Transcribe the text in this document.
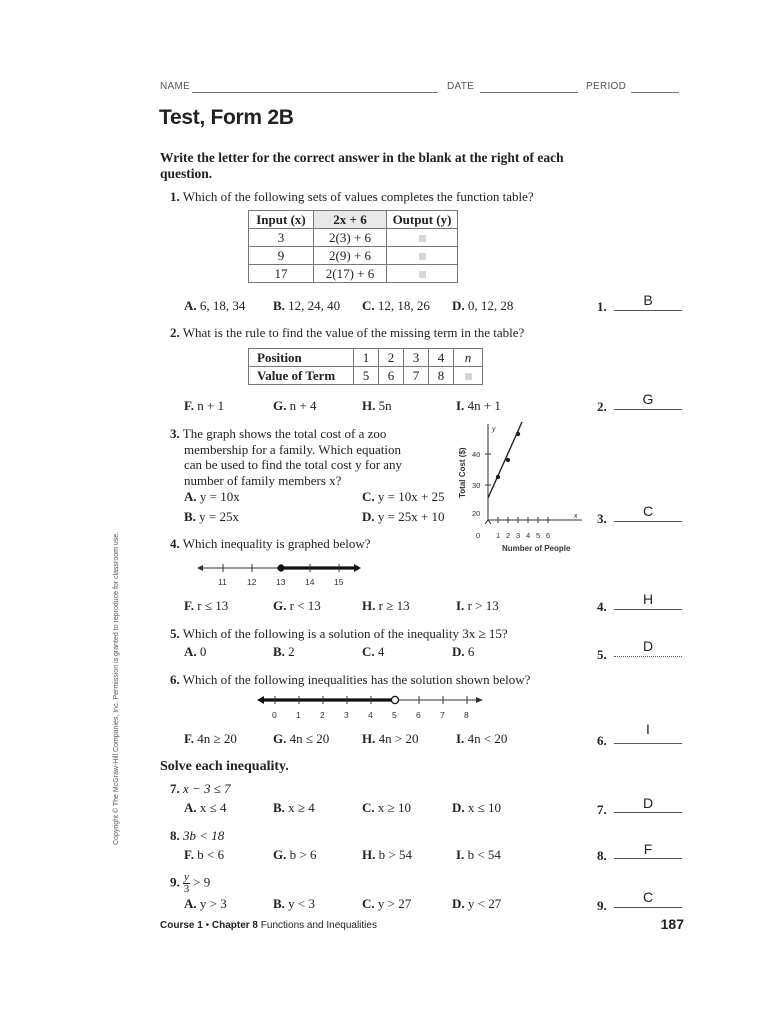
NAME	DATE	PERIOD
Test, Form 2B
Write the letter for the correct answer in the blank at the right of each question.
Copyright © The McGraw-Hill Companies, Inc. Permission is granted to reproduce for classroom use.
1. Which of the following sets of values completes the function table?
Input (x)	2x + 6	Output (y)
3	2(3) + 6	
9	2(9) + 6	
17	2(17) + 6	
A. 6, 18, 34 B. 12, 24, 40 C. 12, 18, 26 D. 0, 12, 28	1.	B
2. What is the rule to find the value of the missing term in the table?
Position	1	2	3	4	n
Value of Term	5	6	7	8	
F. n + 1	G. n + 4	H. 5n	I. 4n + 1	2.	G
3. The graph shows the total cost of a zoo
membership for a family. Which equation
can be used to find the total cost y for any
number of family members x?
A. y = 10x
B. y = 25x
C. y = 10x + 25
D. y = 25x + 10
y
x
40
30
20
0 1 2 3 4 5 6
Number of People
Total Cost ($)
3.	C
4. Which inequality is graphed below?
11 12 13 14 15
F. r ≤ 13	G. r < 13	H. r ≥ 13	I. r > 13	4.	H
5. Which of the following is a solution of the inequality 3x ≥ 15?
A. 0	B. 2	C. 4	D. 6	5.
D
6. Which of the following inequalities has the solution shown below?
0 1 2 3 4 5 6 7 8
F. 4n ≥ 20	G. 4n ≤ 20	H. 4n > 20	I. 4n < 20	6.
I
Solve each inequality.
7. x − 3 ≤ 7
A. x ≤ 4	B. x ≥ 4	C. x ≥ 10	D. x ≤ 10	7.	D
8. 3b < 18
F. b < 6	G. b > 6	H. b > 54	I. b < 54	8.	F
9. $\frac{y}{3} > 9$
A. y > 3	B. y < 3	C. y > 27	D. y < 27	9.
C
Course 1 • Chapter 8 Functions and Inequalities	187
